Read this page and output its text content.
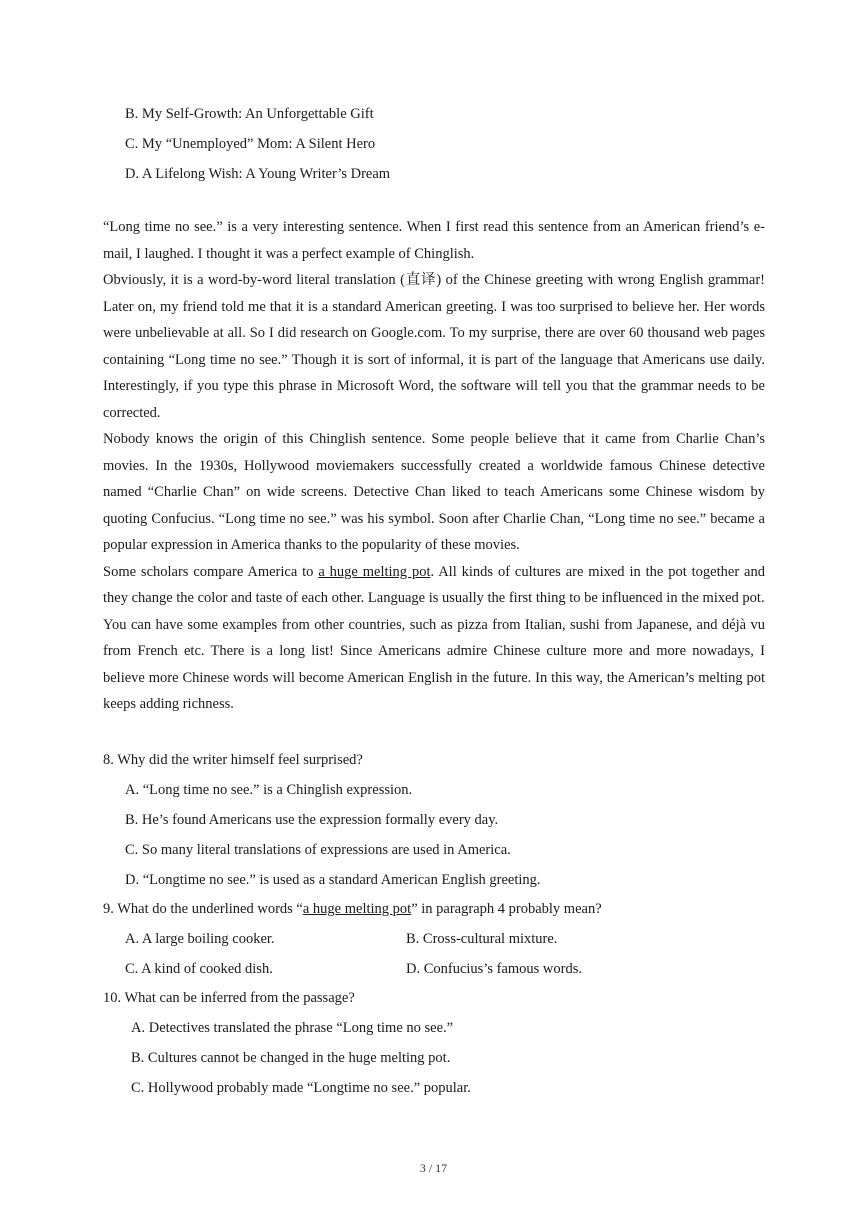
B. My Self-Growth: An Unforgettable Gift
C. My “Unemployed” Mom: A Silent Hero
D. A Lifelong Wish: A Young Writer’s Dream

“Long time no see.” is a very interesting sentence. When I first read this sentence from an American friend’s e-mail, I laughed. I thought it was a perfect example of Chinglish.

Obviously, it is a word-by-word literal translation (直译) of the Chinese greeting with wrong English grammar! Later on, my friend told me that it is a standard American greeting. I was too surprised to believe her. Her words were unbelievable at all. So I did research on Google.com. To my surprise, there are over 60 thousand web pages containing “Long time no see.” Though it is sort of informal, it is part of the language that Americans use daily. Interestingly, if you type this phrase in Microsoft Word, the software will tell you that the grammar needs to be corrected.

Nobody knows the origin of this Chinglish sentence. Some people believe that it came from Charlie Chan’s movies. In the 1930s, Hollywood moviemakers successfully created a worldwide famous Chinese detective named “Charlie Chan” on wide screens. Detective Chan liked to teach Americans some Chinese wisdom by quoting Confucius. “Long time no see.” was his symbol. Soon after Charlie Chan, “Long time no see.” became a popular expression in America thanks to the popularity of these movies.

Some scholars compare America to a huge melting pot. All kinds of cultures are mixed in the pot together and they change the color and taste of each other. Language is usually the first thing to be influenced in the mixed pot.

You can have some examples from other countries, such as pizza from Italian, sushi from Japanese, and déjà vu from French etc. There is a long list! Since Americans admire Chinese culture more and more nowadays, I believe more Chinese words will become American English in the future. In this way, the American’s melting pot keeps adding richness.

8. Why did the writer himself feel surprised?
A. “Long time no see.” is a Chinglish expression.
B. He’s found Americans use the expression formally every day.
C. So many literal translations of expressions are used in America.
D. “Longtime no see.” is used as a standard American English greeting.
9. What do the underlined words “a huge melting pot” in paragraph 4 probably mean?
A. A large boiling cooker.	B. Cross-cultural mixture.
C. A kind of cooked dish.	D. Confucius’s famous words.
10. What can be inferred from the passage?
A. Detectives translated the phrase “Long time no see.”
B. Cultures cannot be changed in the huge melting pot.
C. Hollywood probably made “Longtime no see.” popular.
3 / 17
